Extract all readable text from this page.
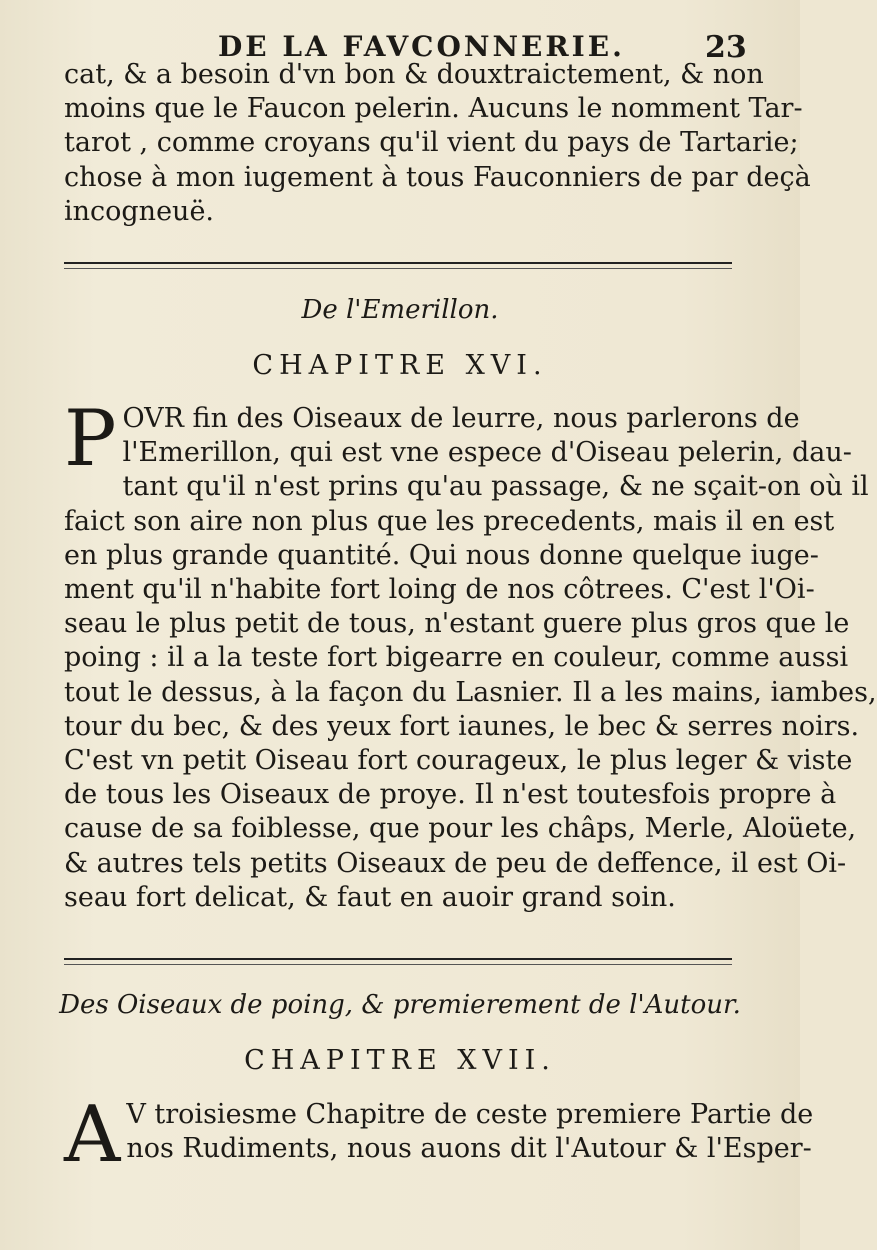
DE LA FAVCONNERIE.	23
cat, & a besoin d'vn bon & douxtraictement, & non
moins que le Faucon pelerin. Aucuns le nomment Tar-
tarot , comme croyans qu'il vient du pays de Tartarie;
chose à mon iugement à tous Fauconniers de par deçà
incogneuë.
De l'Emerillon.
CHAPITRE XVI.
P OVR fin des Oiseaux de leurre, nous parlerons de
l'Emerillon, qui est vne espece d'Oiseau pelerin, dau-
tant qu'il n'est prins qu'au passage, & ne sçait-on où il
faict son aire non plus que les precedents, mais il en est
en plus grande quantité. Qui nous donne quelque iuge-
ment qu'il n'habite fort loing de nos côtrees. C'est l'Oi-
seau le plus petit de tous, n'estant guere plus gros que le
poing : il a la teste fort bigearre en couleur, comme aussi
tout le dessus, à la façon du Lasnier. Il a les mains, iambes,
tour du bec, & des yeux fort iaunes, le bec & serres noirs.
C'est vn petit Oiseau fort courageux, le plus leger & viste
de tous les Oiseaux de proye. Il n'est toutesfois propre à
cause de sa foiblesse, que pour les châps, Merle, Aloüete,
& autres tels petits Oiseaux de peu de deffence, il est Oi-
seau fort delicat, & faut en auoir grand soin.
Des Oiseaux de poing, & premierement de l'Autour.
CHAPITRE XVII.
A V troisiesme Chapitre de ceste premiere Partie de
nos Rudiments, nous auons dit l'Autour & l'Esper-
